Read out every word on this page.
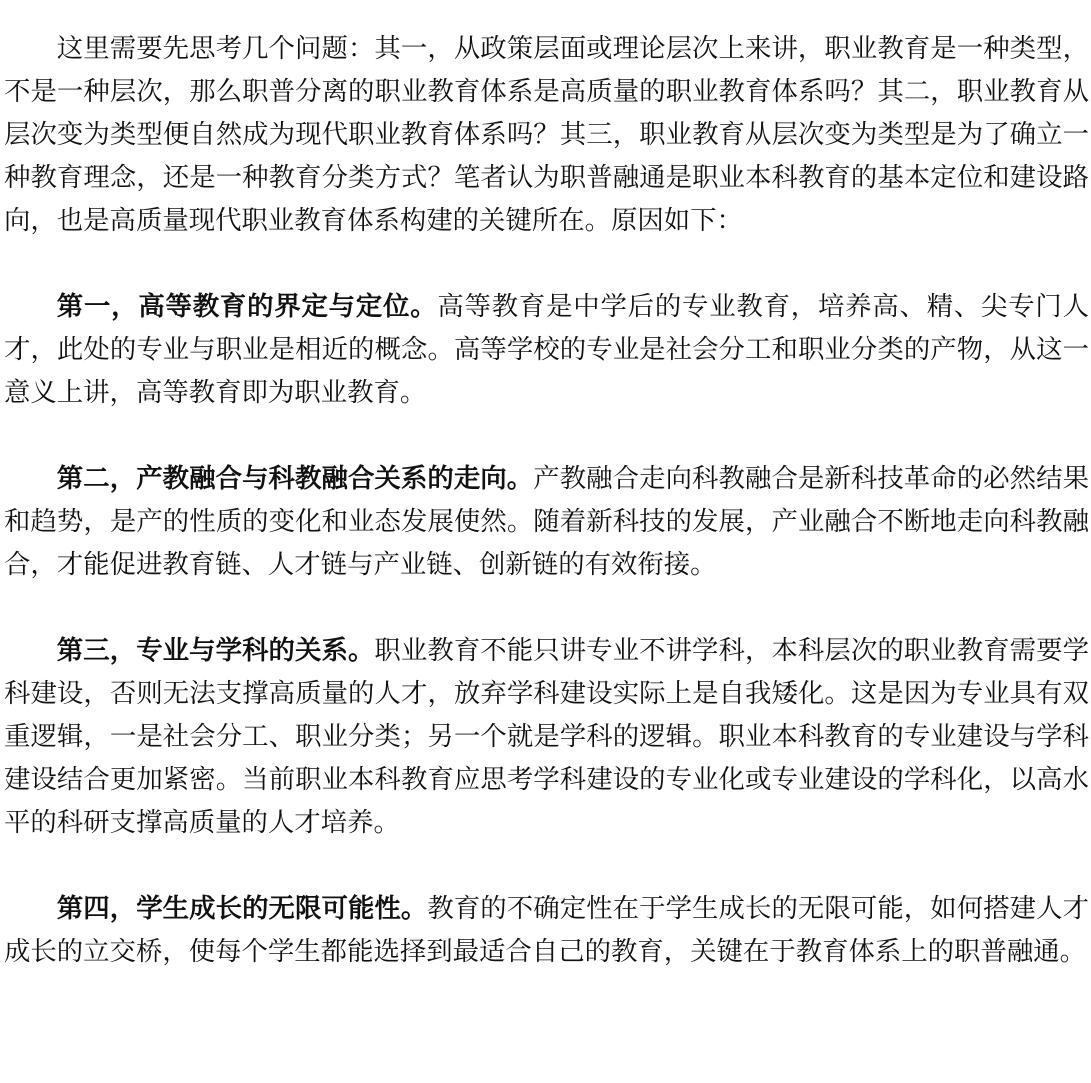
这里需要先思考几个问题：其一，从政策层面或理论层次上来讲，职业教育是一种类型，不是一种层次，那么职普分离的职业教育体系是高质量的职业教育体系吗？其二，职业教育从层次变为类型便自然成为现代职业教育体系吗？其三，职业教育从层次变为类型是为了确立一种教育理念，还是一种教育分类方式？笔者认为职普融通是职业本科教育的基本定位和建设路向，也是高质量现代职业教育体系构建的关键所在。原因如下：

第一，高等教育的界定与定位。高等教育是中学后的专业教育，培养高、精、尖专门人才，此处的专业与职业是相近的概念。高等学校的专业是社会分工和职业分类的产物，从这一意义上讲，高等教育即为职业教育。

第二，产教融合与科教融合关系的走向。产教融合走向科教融合是新科技革命的必然结果和趋势，是产的性质的变化和业态发展使然。随着新科技的发展，产业融合不断地走向科教融合，才能促进教育链、人才链与产业链、创新链的有效衔接。

第三，专业与学科的关系。职业教育不能只讲专业不讲学科，本科层次的职业教育需要学科建设，否则无法支撑高质量的人才，放弃学科建设实际上是自我矮化。这是因为专业具有双重逻辑，一是社会分工、职业分类；另一个就是学科的逻辑。职业本科教育的专业建设与学科建设结合更加紧密。当前职业本科教育应思考学科建设的专业化或专业建设的学科化，以高水平的科研支撑高质量的人才培养。

第四，学生成长的无限可能性。教育的不确定性在于学生成长的无限可能，如何搭建人才成长的立交桥，使每个学生都能选择到最适合自己的教育，关键在于教育体系上的职普融通。
